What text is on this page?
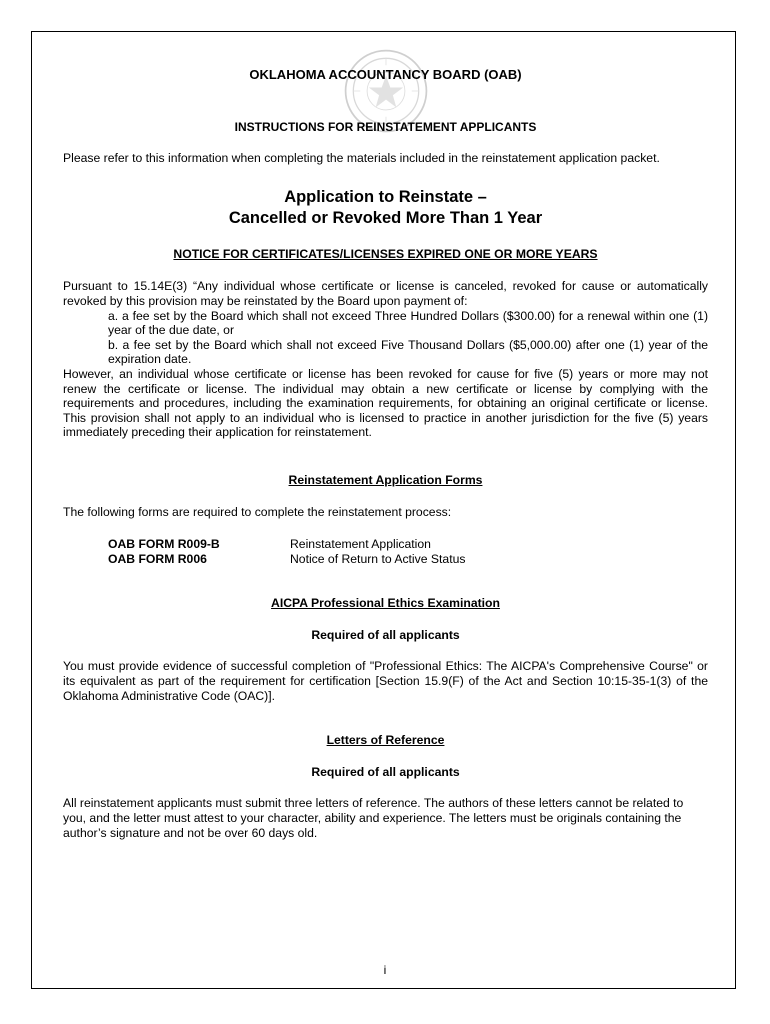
OKLAHOMA ACCOUNTANCY BOARD (OAB)
INSTRUCTIONS FOR REINSTATEMENT APPLICANTS

Please refer to this information when completing the materials included in the reinstatement application packet.

Application to Reinstate –
Cancelled or Revoked More Than 1 Year
NOTICE FOR CERTIFICATES/LICENSES EXPIRED ONE OR MORE YEARS

Pursuant to 15.14E(3) “Any individual whose certificate or license is canceled, revoked for cause or automatically revoked by this provision may be reinstated by the Board upon payment of:

a. a fee set by the Board which shall not exceed Three Hundred Dollars ($300.00) for a renewal within one (1) year of the due date, or

b. a fee set by the Board which shall not exceed Five Thousand Dollars ($5,000.00) after one (1) year of the expiration date.

However, an individual whose certificate or license has been revoked for cause for five (5) years or more may not renew the certificate or license. The individual may obtain a new certificate or license by complying with the requirements and procedures, including the examination requirements, for obtaining an original certificate or license. This provision shall not apply to an individual who is licensed to practice in another jurisdiction for the five (5) years immediately preceding their application for reinstatement.

Reinstatement Application Forms

The following forms are required to complete the reinstatement process:

OAB FORM R009-B	Reinstatement Application
OAB FORM R006	Notice of Return to Active Status
AICPA Professional Ethics Examination
Required of all applicants

You must provide evidence of successful completion of "Professional Ethics: The AICPA's Comprehensive Course" or its equivalent as part of the requirement for certification [Section 15.9(F) of the Act and Section 10:15-35-1(3) of the Oklahoma Administrative Code (OAC)].

Letters of Reference
Required of all applicants

All reinstatement applicants must submit three letters of reference. The authors of these letters cannot be related to you, and the letter must attest to your character, ability and experience. The letters must be originals containing the author’s signature and not be over 60 days old.

i
